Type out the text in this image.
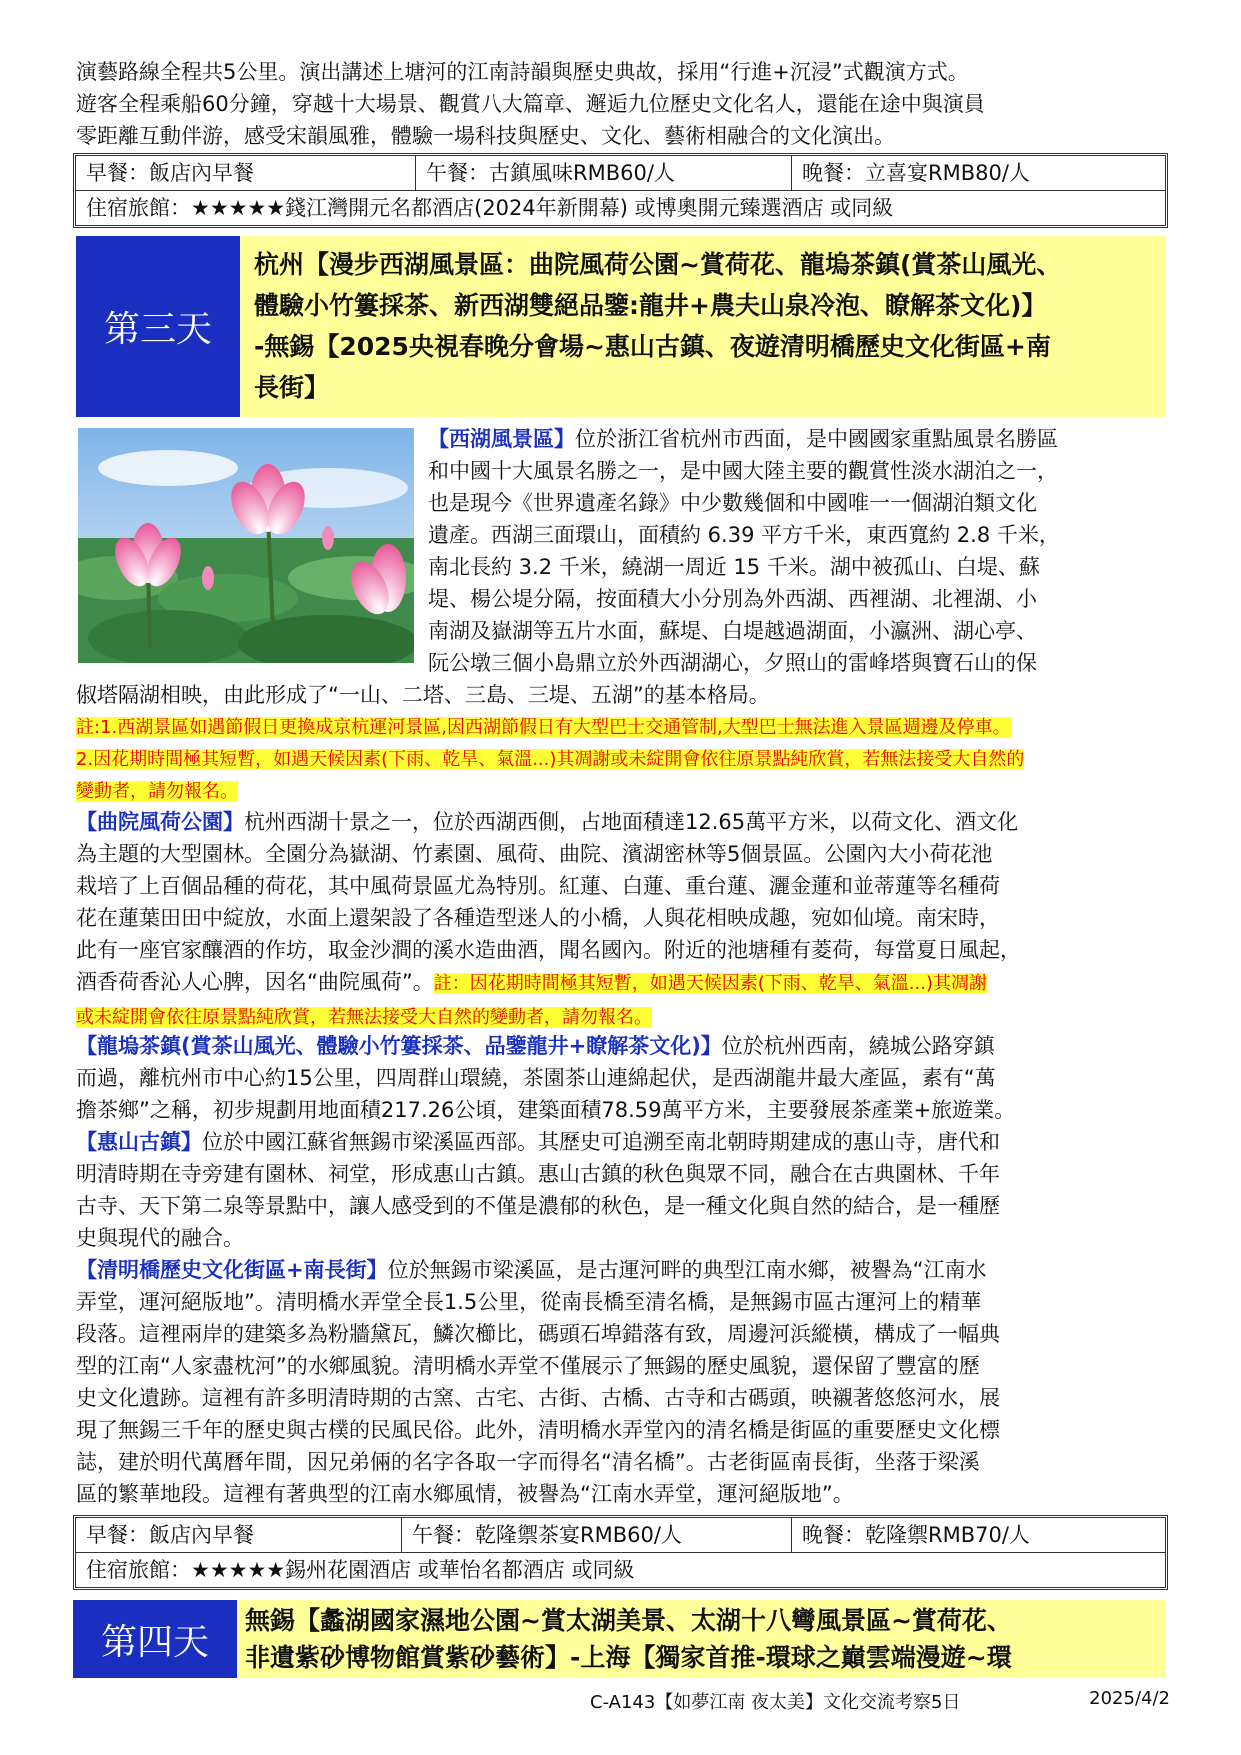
演藝路線全程共5公里。演出講述上塘河的江南詩韻與歷史典故，採用“行進+沉浸”式觀演方式。
遊客全程乘船60分鐘，穿越十大場景、觀賞八大篇章、邂逅九位歷史文化名人，還能在途中與演員
零距離互動伴游，感受宋韻風雅，體驗一場科技與歷史、文化、藝術相融合的文化演出。
早餐：飯店內早餐	午餐：古鎮風味RMB60/人	晚餐：立喜宴RMB80/人
住宿旅館：★★★★★錢江灣開元名都酒店(2024年新開幕) 或博奧開元臻選酒店 或同級
第三天
杭州【漫步西湖風景區：曲院風荷公園~賞荷花、龍塢茶鎮(賞茶山風光、
體驗小竹簍採茶、新西湖雙絕品鑒:龍井+農夫山泉冷泡、瞭解茶文化)】
-無錫【2025央視春晚分會場~惠山古鎮、夜遊清明橋歷史文化街區+南
長街】
【西湖風景區】位於浙江省杭州市西面，是中國國家重點風景名勝區
和中國十大風景名勝之一，是中國大陸主要的觀賞性淡水湖泊之一，
也是現今《世界遺產名錄》中少數幾個和中國唯一一個湖泊類文化
遺產。西湖三面環山，面積約 6.39 平方千米，東西寬約 2.8 千米，
南北長約 3.2 千米，繞湖一周近 15 千米。湖中被孤山、白堤、蘇
堤、楊公堤分隔，按面積大小分別為外西湖、西裡湖、北裡湖、小
南湖及嶽湖等五片水面，蘇堤、白堤越過湖面，小瀛洲、湖心亭、
阮公墩三個小島鼎立於外西湖湖心，夕照山的雷峰塔與寶石山的保
俶塔隔湖相映，由此形成了“一山、二塔、三島、三堤、五湖”的基本格局。
註:1.西湖景區如遇節假日更換成京杭運河景區,因西湖節假日有大型巴士交通管制,大型巴士無法進入景區週邊及停車。
2.因花期時間極其短暫，如遇天候因素(下雨、乾旱、氣溫...)其凋謝或未綻開會依往原景點純欣賞，若無法接受大自然的
變動者，請勿報名。
【曲院風荷公園】杭州西湖十景之一，位於西湖西側，占地面積達12.65萬平方米，以荷文化、酒文化
為主題的大型園林。全園分為嶽湖、竹素園、風荷、曲院、濱湖密林等5個景區。公園內大小荷花池
栽培了上百個品種的荷花，其中風荷景區尤為特別。紅蓮、白蓮、重台蓮、灑金蓮和並蒂蓮等名種荷
花在蓮葉田田中綻放，水面上還架設了各種造型迷人的小橋，人與花相映成趣，宛如仙境。南宋時，
此有一座官家釀酒的作坊，取金沙澗的溪水造曲酒，聞名國內。附近的池塘種有菱荷，每當夏日風起，
酒香荷香沁人心脾，因名“曲院風荷”。註：因花期時間極其短暫，如遇天候因素(下雨、乾旱、氣溫...)其凋謝
或未綻開會依往原景點純欣賞，若無法接受大自然的變動者，請勿報名。
【龍塢茶鎮(賞茶山風光、體驗小竹簍採茶、品鑒龍井+瞭解茶文化)】位於杭州西南，繞城公路穿鎮
而過，離杭州市中心約15公里，四周群山環繞，茶園茶山連綿起伏，是西湖龍井最大產區，素有“萬
擔茶鄉”之稱，初步規劃用地面積217.26公頃，建築面積78.59萬平方米，主要發展茶產業+旅遊業。
【惠山古鎮】位於中國江蘇省無錫市梁溪區西部。其歷史可追溯至南北朝時期建成的惠山寺，唐代和
明清時期在寺旁建有園林、祠堂，形成惠山古鎮。惠山古鎮的秋色與眾不同，融合在古典園林、千年
古寺、天下第二泉等景點中，讓人感受到的不僅是濃郁的秋色，是一種文化與自然的結合，是一種歷
史與現代的融合。
【清明橋歷史文化街區+南長街】位於無錫市梁溪區，是古運河畔的典型江南水鄉，被譽為“江南水
弄堂，運河絕版地”。清明橋水弄堂全長1.5公里，從南長橋至清名橋，是無錫市區古運河上的精華
段落。這裡兩岸的建築多為粉牆黛瓦，鱗次櫛比，碼頭石埠錯落有致，周邊河浜縱橫，構成了一幅典
型的江南“人家盡枕河”的水鄉風貌。清明橋水弄堂不僅展示了無錫的歷史風貌，還保留了豐富的歷
史文化遺跡。這裡有許多明清時期的古窯、古宅、古街、古橋、古寺和古碼頭，映襯著悠悠河水，展
現了無錫三千年的歷史與古樸的民風民俗。此外，清明橋水弄堂內的清名橋是街區的重要歷史文化標
誌，建於明代萬曆年間，因兄弟倆的名字各取一字而得名“清名橋”。古老街區南長街，坐落于梁溪
區的繁華地段。這裡有著典型的江南水鄉風情，被譽為“江南水弄堂，運河絕版地”。
早餐：飯店內早餐	午餐：乾隆禦茶宴RMB60/人	晚餐：乾隆禦RMB70/人
住宿旅館：★★★★★錫州花園酒店 或華怡名都酒店 或同級
第四天
無錫【蠡湖國家濕地公園~賞太湖美景、太湖十八彎風景區~賞荷花、
非遺紫砂博物館賞紫砂藝術】-上海【獨家首推-環球之巔雲端漫遊~環
C-A143【如夢江南 夜太美】文化交流考察5日	2025/4/2
